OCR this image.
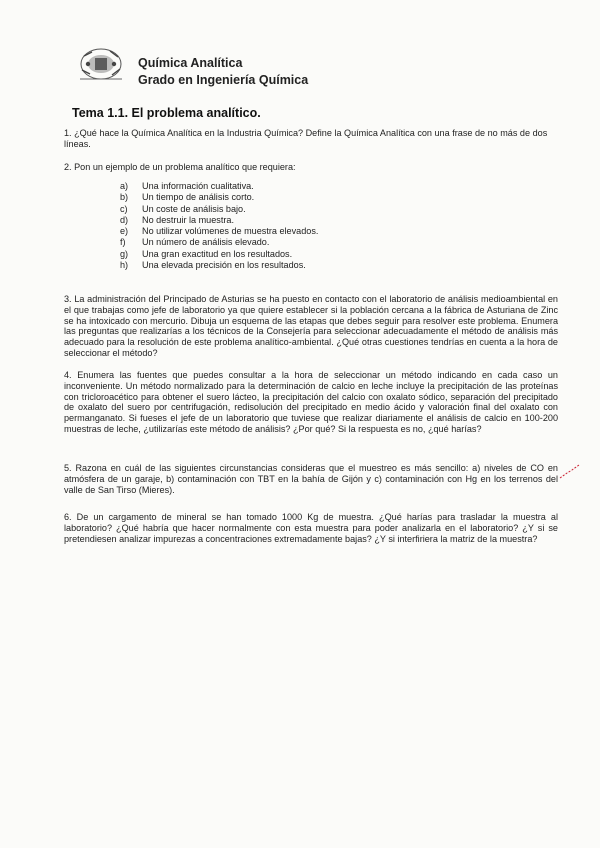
Química Analítica
Grado en Ingeniería Química
Tema 1.1. El problema analítico.

1. ¿Qué hace la Química Analítica en la Industria Química? Define la Química Analítica con una frase de no más de dos líneas.

2. Pon un ejemplo de un problema analítico que requiera:

a)	Una información cualitativa.
b)	Un tiempo de análisis corto.
c)	Un coste de análisis bajo.
d)	No destruir la muestra.
e)	No utilizar volúmenes de muestra elevados.
f)	Un número de análisis elevado.
g)	Una gran exactitud en los resultados.
h)	Una elevada precisión en los resultados.

3. La administración del Principado de Asturias se ha puesto en contacto con el laboratorio de análisis medioambiental en el que trabajas como jefe de laboratorio ya que quiere establecer si la población cercana a la fábrica de Asturiana de Zinc se ha intoxicado con mercurio. Dibuja un esquema de las etapas que debes seguir para resolver este problema. Enumera las preguntas que realizarías a los técnicos de la Consejería para seleccionar adecuadamente el método de análisis más adecuado para la resolución de este problema analítico-ambiental. ¿Qué otras cuestiones tendrías en cuenta a la hora de seleccionar el método?

4. Enumera las fuentes que puedes consultar a la hora de seleccionar un método indicando en cada caso un inconveniente. Un método normalizado para la determinación de calcio en leche incluye la precipitación de las proteínas con tricloroacético para obtener el suero lácteo, la precipitación del calcio con oxalato sódico, separación del precipitado de oxalato del suero por centrifugación, redisolución del precipitado en medio ácido y valoración final del oxalato con permanganato. Si fueses el jefe de un laboratorio que tuviese que realizar diariamente el análisis de calcio en 100-200 muestras de leche, ¿utilizarías este método de análisis? ¿Por qué? Si la respuesta es no, ¿qué harías?

5. Razona en cuál de las siguientes circunstancias consideras que el muestreo es más sencillo: a) niveles de CO en atmósfera de un garaje, b) contaminación con TBT en la bahía de Gijón y c) contaminación con Hg en los terrenos del valle de San Tirso (Mieres).

6. De un cargamento de mineral se han tomado 1000 Kg de muestra. ¿Qué harías para trasladar la muestra al laboratorio? ¿Qué habría que hacer normalmente con esta muestra para poder analizarla en el laboratorio? ¿Y si se pretendiesen analizar impurezas a concentraciones extremadamente bajas? ¿Y si interfiriera la matriz de la muestra?
